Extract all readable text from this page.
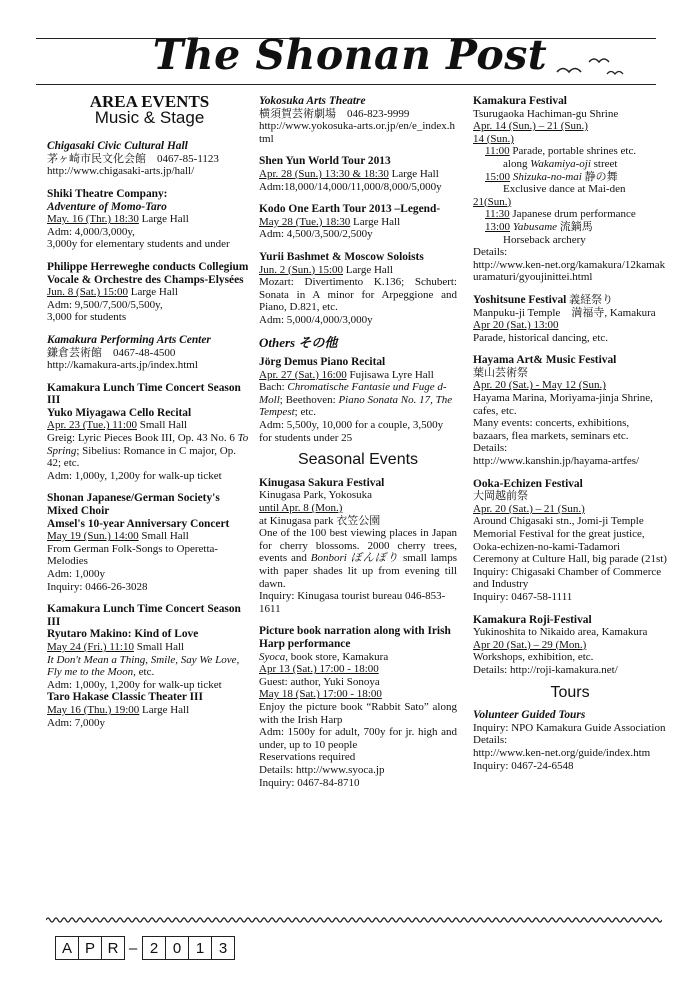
The Shonan Post
AREA EVENTS
Music & Stage
Chigasaki Civic Cultural Hall
茅ヶ崎市民文化会館　0467-85-1123
http://www.chigasaki-arts.jp/hall/
Shiki Theatre Company:
Adventure of Momo-Taro
May. 16 (Thr.) 18:30 Large Hall
Adm: 4,000/3,000y,
3,000y for elementary students and under
Philippe Herreweghe conducts Collegium Vocale & Orchestre des Champs-Elysées
Jun. 8 (Sat.) 15:00 Large Hall
Adm: 9,500/7,500/5,500y,
3,000 for students
Kamakura Performing Arts Center
鎌倉芸術館　0467-48-4500
http://kamakura-arts.jp/index.html
Kamakura Lunch Time Concert Season III
Yuko Miyagawa Cello Recital
Apr. 23 (Tue.) 11:00 Small Hall
Greig: Lyric Pieces Book III, Op. 43 No. 6 To Spring; Sibelius: Romance in C major, Op. 42; etc.
Adm: 1,000y, 1,200y for walk-up ticket
Shonan Japanese/German Society's Mixed Choir
Amsel's 10-year Anniversary Concert
May 19 (Sun.) 14:00 Small Hall
From German Folk-Songs to Operetta-Melodies
Adm: 1,000y
Inquiry: 0466-26-3028
Kamakura Lunch Time Concert Season III
Ryutaro Makino: Kind of Love
May 24 (Fri.) 11:10 Small Hall
It Don't Mean a Thing, Smile, Say We Love, Fly me to the Moon, etc.
Adm: 1,000y, 1,200y for walk-up ticket
Taro Hakase Classic Theater III
May 16 (Thu.) 19:00 Large Hall
Adm: 7,000y
Yokosuka Arts Theatre
横須賀芸術劇場　046-823-9999
http://www.yokosuka-arts.or.jp/en/e_index.html
Shen Yun World Tour 2013
Apr. 28 (Sun.) 13:30 & 18:30 Large Hall
Adm:18,000/14,000/11,000/8,000/5,000y
Kodo One Earth Tour 2013 –Legend-
May 28 (Tue.) 18:30 Large Hall
Adm: 4,500/3,500/2,500y
Yurii Bashmet & Moscow Soloists
Jun. 2 (Sun.) 15:00 Large Hall
Mozart: Divertimento K.136; Schubert: Sonata in A minor for Arpeggione and Piano, D.821, etc.
Adm: 5,000/4,000/3,000y
Others その他
Jörg Demus Piano Recital
Apr. 27 (Sat.) 16:00 Fujisawa Lyre Hall
Bach: Chromatische Fantasie und Fuge d-Moll; Beethoven: Piano Sonata No. 17, The Tempest; etc.
Adm: 5,500y, 10,000 for a couple, 3,500y for students under 25
Seasonal Events
Kinugasa Sakura Festival
Kinugasa Park, Yokosuka
until Apr. 8 (Mon.)
at Kinugasa park 衣笠公園
One of the 100 best viewing places in Japan for cherry blossoms. 2000 cherry trees, events and Bonbori ぼんぼり small lamps with paper shades lit up from evening till dawn.
Inquiry: Kinugasa tourist bureau 046-853-1611
Picture book narration along with Irish Harp performance
Syoca, book store, Kamakura
Apr 13 (Sat.) 17:00 - 18:00
Guest: author, Yuki Sonoya
May 18 (Sat.) 17:00 - 18:00
Enjoy the picture book “Rabbit Sato” along with the Irish Harp
Adm: 1500y for adult, 700y for jr. high and under, up to 10 people
Reservations required
Details: http://www.syoca.jp
Inquiry: 0467-84-8710
Kamakura Festival
Tsurugaoka Hachiman-gu Shrine
Apr. 14 (Sun.) – 21 (Sun.)
14 (Sun.)
11:00 Parade, portable shrines etc.
along Wakamiya-oji street
15:00 Shizuka-no-mai 静の舞
Exclusive dance at Mai-den
21(Sun.)
11:30 Japanese drum performance
13:00 Yabusame 流鏑馬
Horseback archery
Details:
http://www.ken-net.org/kamakura/12kamakuramaturi/gyoujinittei.html
Yoshitsune Festival 義経祭り
Manpuku-ji Temple　満福寺, Kamakura
Apr 20 (Sat.) 13:00
Parade, historical dancing, etc.
Hayama Art& Music Festival
葉山芸術祭
Apr. 20 (Sat.) - May 12 (Sun.)
Hayama Marina, Moriyama-jinja Shrine, cafes, etc.
Many events: concerts, exhibitions, bazaars, flea markets, seminars etc.
Details:
http://www.kanshin.jp/hayama-artfes/
Ooka-Echizen Festival
大岡越前祭
Apr. 20 (Sat.) – 21 (Sun.)
Around Chigasaki stn., Jomi-ji Temple
Memorial Festival for the great justice, Ooka-echizen-no-kami-Tadamori Ceremony at Culture Hall, big parade (21st)
Inquiry: Chigasaki Chamber of Commerce and Industry
Inquiry: 0467-58-1111
Kamakura Roji-Festival
Yukinoshita to Nikaido area, Kamakura
Apr 20 (Sat.) – 29 (Mon.)
Workshops, exhibition, etc.
Details: http://roji-kamakura.net/
Tours
Volunteer Guided Tours
Inquiry: NPO Kamakura Guide Association
Details:
http://www.ken-net.org/guide/index.htm
Inquiry: 0467-24-6548
A P R – 2 0 1 3
